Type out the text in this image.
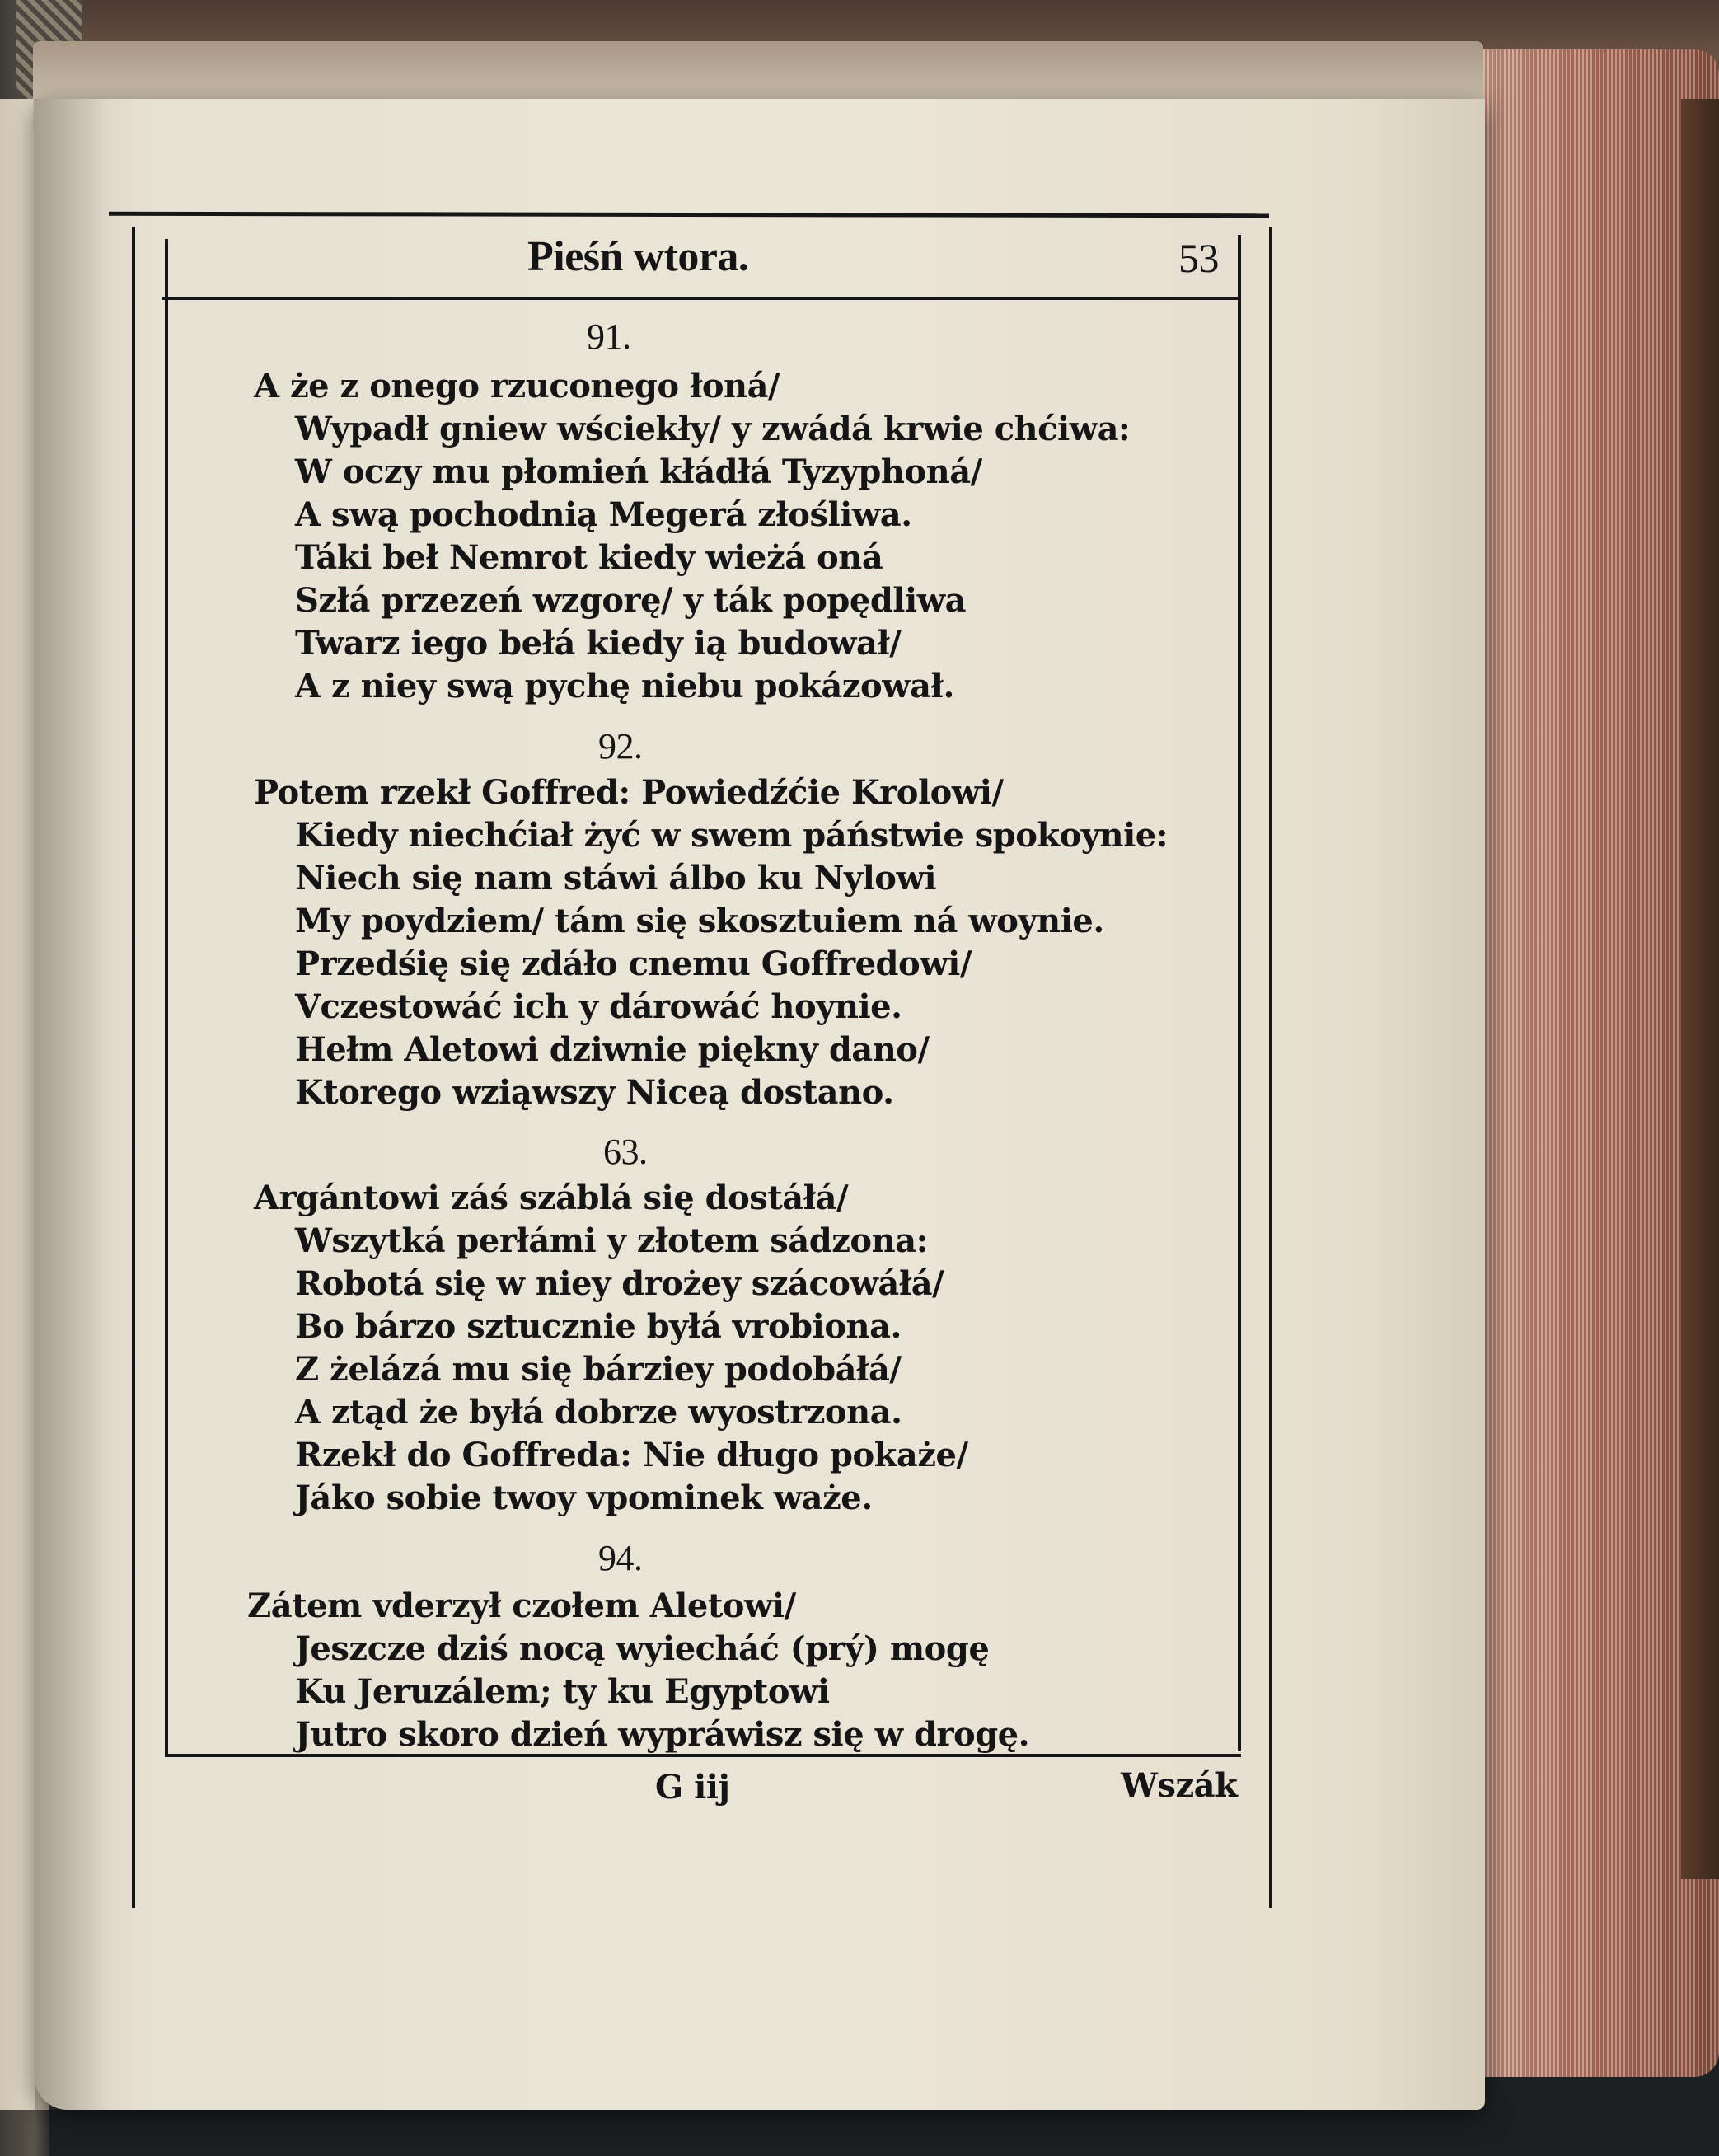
Pieśń wtora.	53
91.
A że z onego rzuconego łoná/
Wypadł gniew wściekły/ y zwádá krwie chćiwa:
W oczy mu płomień kłádłá Tyzyphoná/
A swą pochodnią Megerá złośliwa.
Táki beł Nemrot kiedy wieżá oná
Szłá przezeń wzgorę/ y ták popędliwa
Twarz iego bełá kiedy ią budował/
A z niey swą pychę niebu pokázował.
92.
Potem rzekł Goffred: Powiedźćie Krolowi/
Kiedy niechćiał żyć w swem páństwie spokoynie:
Niech się nam stáwi álbo ku Nylowi
My poydziem/ tám się skosztuiem ná woynie.
Przedśię się zdáło cnemu Goffredowi/
Vczestowáć ich y dárowáć hoynie.
Hełm Aletowi dziwnie piękny dano/
Ktorego wziąwszy Niceą dostano.
63.
Argántowi záś száblá się dostáłá/
Wszytká perłámi y złotem sádzona:
Robotá się w niey drożey szácowáłá/
Bo bárzo sztucznie byłá vrobiona.
Z żelázá mu się bárziey podobáłá/
A ztąd że byłá dobrze wyostrzona.
Rzekł do Goffreda: Nie długo pokaże/
Jáko sobie twoy vpominek waże.
94.
Zátem vderzył czołem Aletowi/
Jeszcze dziś nocą wyiecháć (prý) mogę
Ku Jeruzálem; ty ku Egyptowi
Jutro skoro dzień wypráwisz się w drogę.
G iij	Wszák
